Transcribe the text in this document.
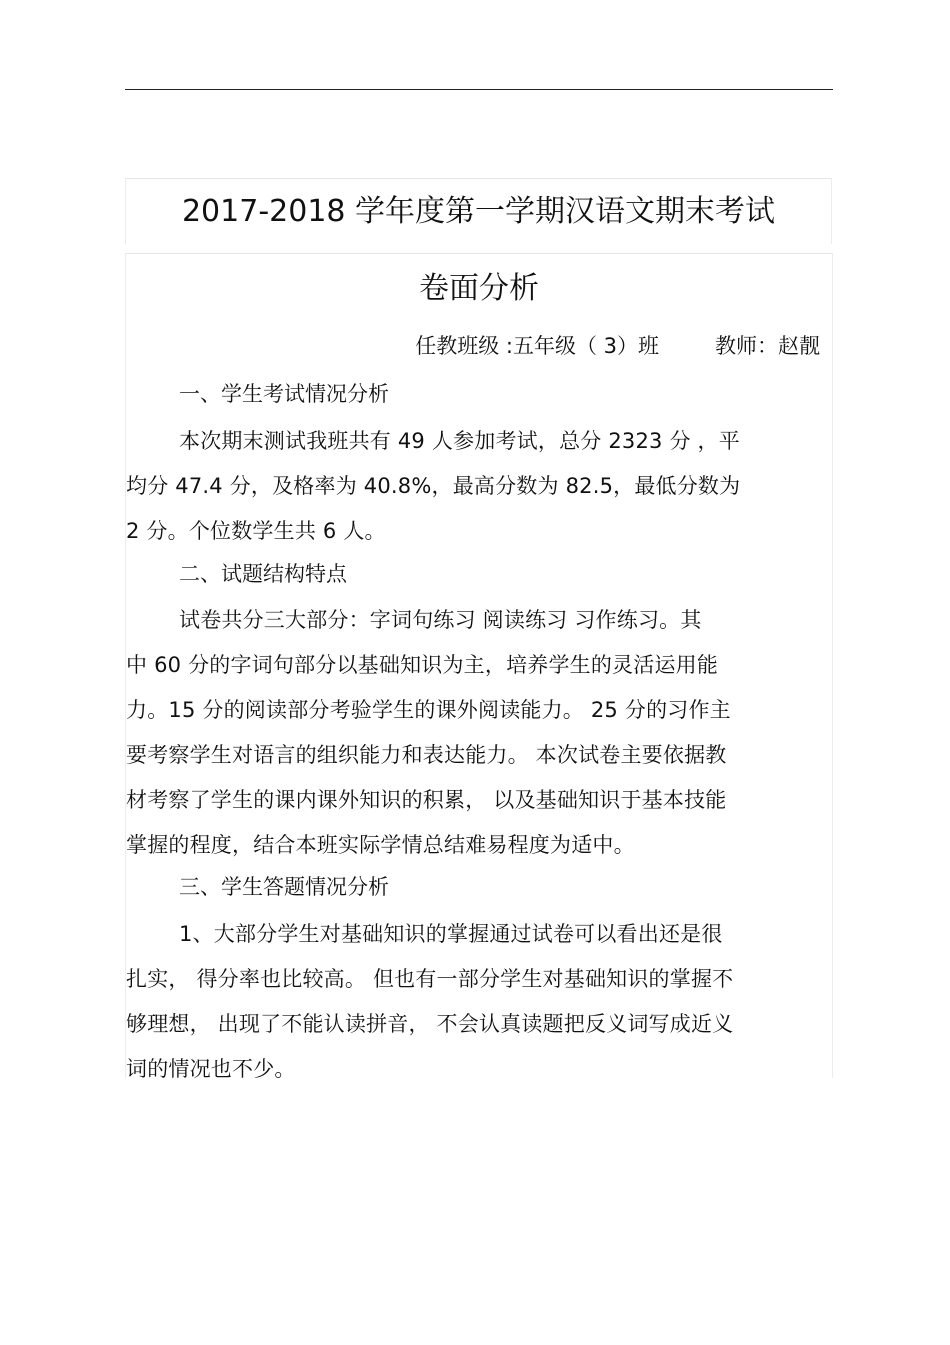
2017-2018 学年度第一学期汉语文期末考试
卷面分析
任教班级 :五年级（ 3）班	教师：赵靓
一、学生考试情况分析
本次期末测试我班共有 49 人参加考试，总分 2323 分 ，平
均分 47.4 分，及格率为 40.8%，最高分数为 82.5，最低分数为
2 分。个位数学生共 6 人。
二、试题结构特点
试卷共分三大部分：字词句练习 阅读练习 习作练习。其
中 60 分的字词句部分以基础知识为主，培养学生的灵活运用能
力。15 分的阅读部分考验学生的课外阅读能力。 25 分的习作主
要考察学生对语言的组织能力和表达能力。 本次试卷主要依据教
材考察了学生的课内课外知识的积累， 以及基础知识于基本技能
掌握的程度，结合本班实际学情总结难易程度为适中。
三、学生答题情况分析
1、大部分学生对基础知识的掌握通过试卷可以看出还是很
扎实， 得分率也比较高。 但也有一部分学生对基础知识的掌握不
够理想， 出现了不能认读拼音， 不会认真读题把反义词写成近义
词的情况也不少。
